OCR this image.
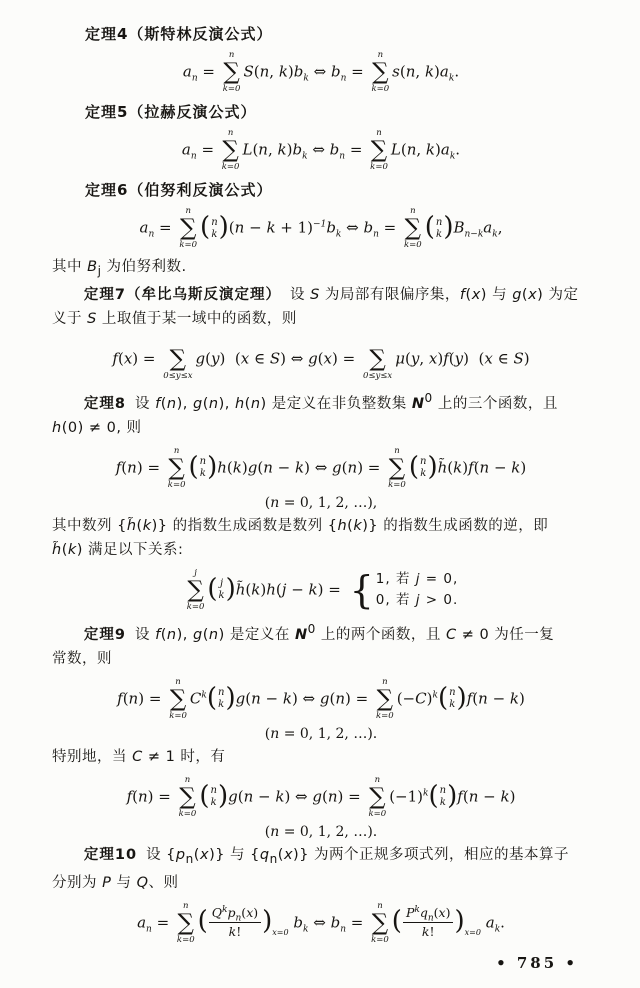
定理4（斯特林反演公式）

$a_n$ =
n
∑
k=0
S(n, $k)b_k$ ⇔ $b_n$ =
n
∑
k=0
s(n, $k)a_k$.

定理5（拉赫反演公式）

$a_n$ =
n
∑
k=0
L(n, $k)b_k$ ⇔ $b_n$ =
n
∑
k=0
L(n, $k)a_k$.

定理6（伯努利反演公式）

$a_n$ =
n
∑
k=0
( n
k )$(n - k + 1)^{-1}b_k$ ⇔ $b_n$ =
n
∑
k=0
( n
k )$B_{n-k}a_k$,

其中 $B_j$ 为伯努利数.

定理7（牟比乌斯反演定理） 设 S 为局部有限偏序集，f(x) 与 g(x) 为定

义于 S 上取值于某一域中的函数，则

f(x) =
∑
0≤y≤x
g(y)  (x ∈ S) ⇔ g(x) =
∑
0≤y≤x
μ(y, x)f(y)  (x ∈ S)

定理8 设 f(n), g(n), h(n) 是定义在非负整数集 $N^0$ 上的三个函数，且

h(0) ≠ 0, 则

f(n) =
n
∑
k=0
( n
k )h(k)g(n − k) ⇔ g(n) =
n
∑
k=0
( n
k )h̃(k)f(n − k)
(n = 0, 1, 2, …),

其中数列 {h̃(k)} 的指数生成函数是数列 {h(k)} 的指数生成函数的逆，即

h̃(k) 满足以下关系:

j
∑
k=0
( j
k )h̃(k)h(j − k) = { 1, 若 j = 0,
0, 若 j > 0.

定理9 设 f(n), g(n) 是定义在 $N^0$ 上的两个函数，且 C ≠ 0 为任一复

常数，则

f(n) =
n
∑
k=0
$C^k$( n
k )g(n − k) ⇔ g(n) =
n
∑
k=0
$(-C)^k$( n
k )f(n − k)
(n = 0, 1, 2, …).

特别地，当 C ≠ 1 时，有

f(n) =
n
∑
k=0
( n
k )g(n − k) ⇔ g(n) =
n
∑
k=0
$(-1)^k$( n
k )f(n − k)
(n = 0, 1, 2, …).

定理10 设 $\{p_n(x)\}$ 与 $\{q_n(x)\}$ 为两个正规多项式列，相应的基本算子

分别为 P 与 Q、则

$a_n$ =
n
∑
k=0
( $Q^kp_n(x)$
k! )$_{x=0}$ $b_k$ ⇔ $b_n$ =
n
∑
k=0
( $P^kq_n(x)$
k! )$_{x=0}$ $a_k$.
• 785 •
